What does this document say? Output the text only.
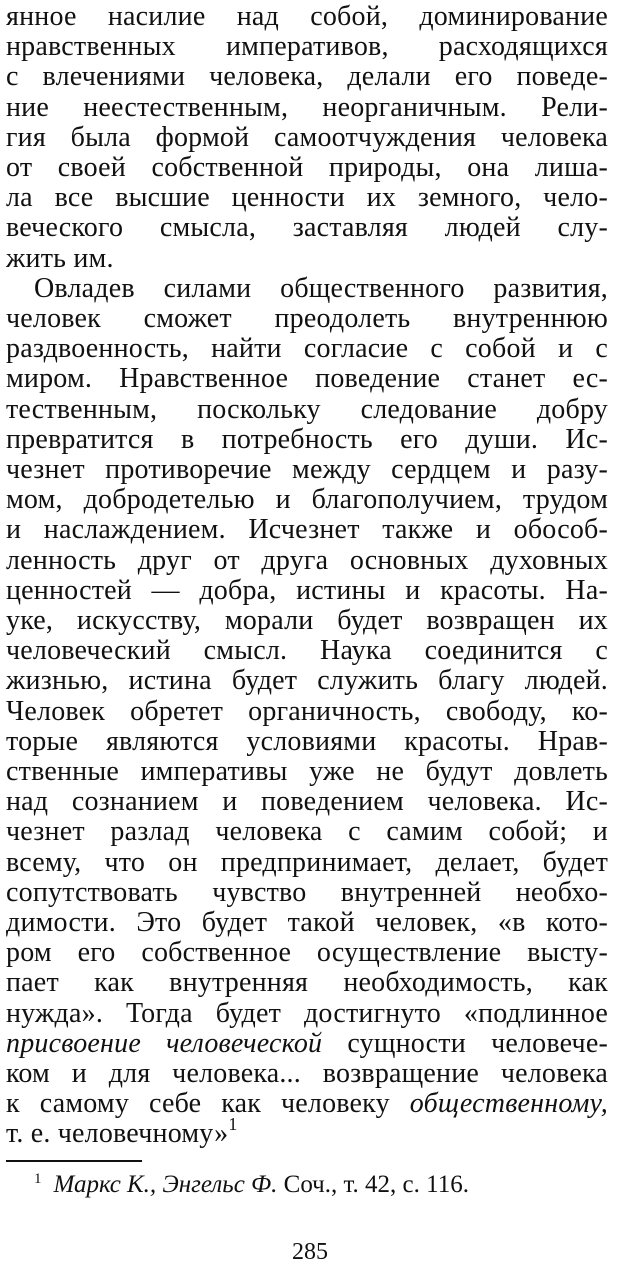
янное насилие над собой, доминирование
нравственных императивов, расходящихся
с влечениями человека, делали его поведе-
ние неестественным, неорганичным. Рели-
гия была формой самоотчуждения человека
от своей собственной природы, она лиша-
ла все высшие ценности их земного, чело-
веческого смысла, заставляя людей слу-
жить им.
Овладев силами общественного развития,
человек сможет преодолеть внутреннюю
раздвоенность, найти согласие с собой и с
миром. Нравственное поведение станет ес-
тественным, поскольку следование добру
превратится в потребность его души. Ис-
чезнет противоречие между сердцем и разу-
мом, добродетелью и благополучием, трудом
и наслаждением. Исчезнет также и обособ-
ленность друг от друга основных духовных
ценностей — добра, истины и красоты. На-
уке, искусству, морали будет возвращен их
человеческий смысл. Наука соединится с
жизнью, истина будет служить благу людей.
Человек обретет органичность, свободу, ко-
торые являются условиями красоты. Нрав-
ственные императивы уже не будут довлеть
над сознанием и поведением человека. Ис-
чезнет разлад человека с самим собой; и
всему, что он предпринимает, делает, будет
сопутствовать чувство внутренней необхо-
димости. Это будет такой человек, «в кото-
ром его собственное осуществление высту-
пает как внутренняя необходимость, как
нужда». Тогда будет достигнуто «подлинное
присвоение человеческой сущности человече-
ком и для человека... возвращение человека
к самому себе как человеку общественному,
т. е. человечному»$^1$
$^1$ Маркс К., Энгельс Ф. Соч., т. 42, с. 116.
285
